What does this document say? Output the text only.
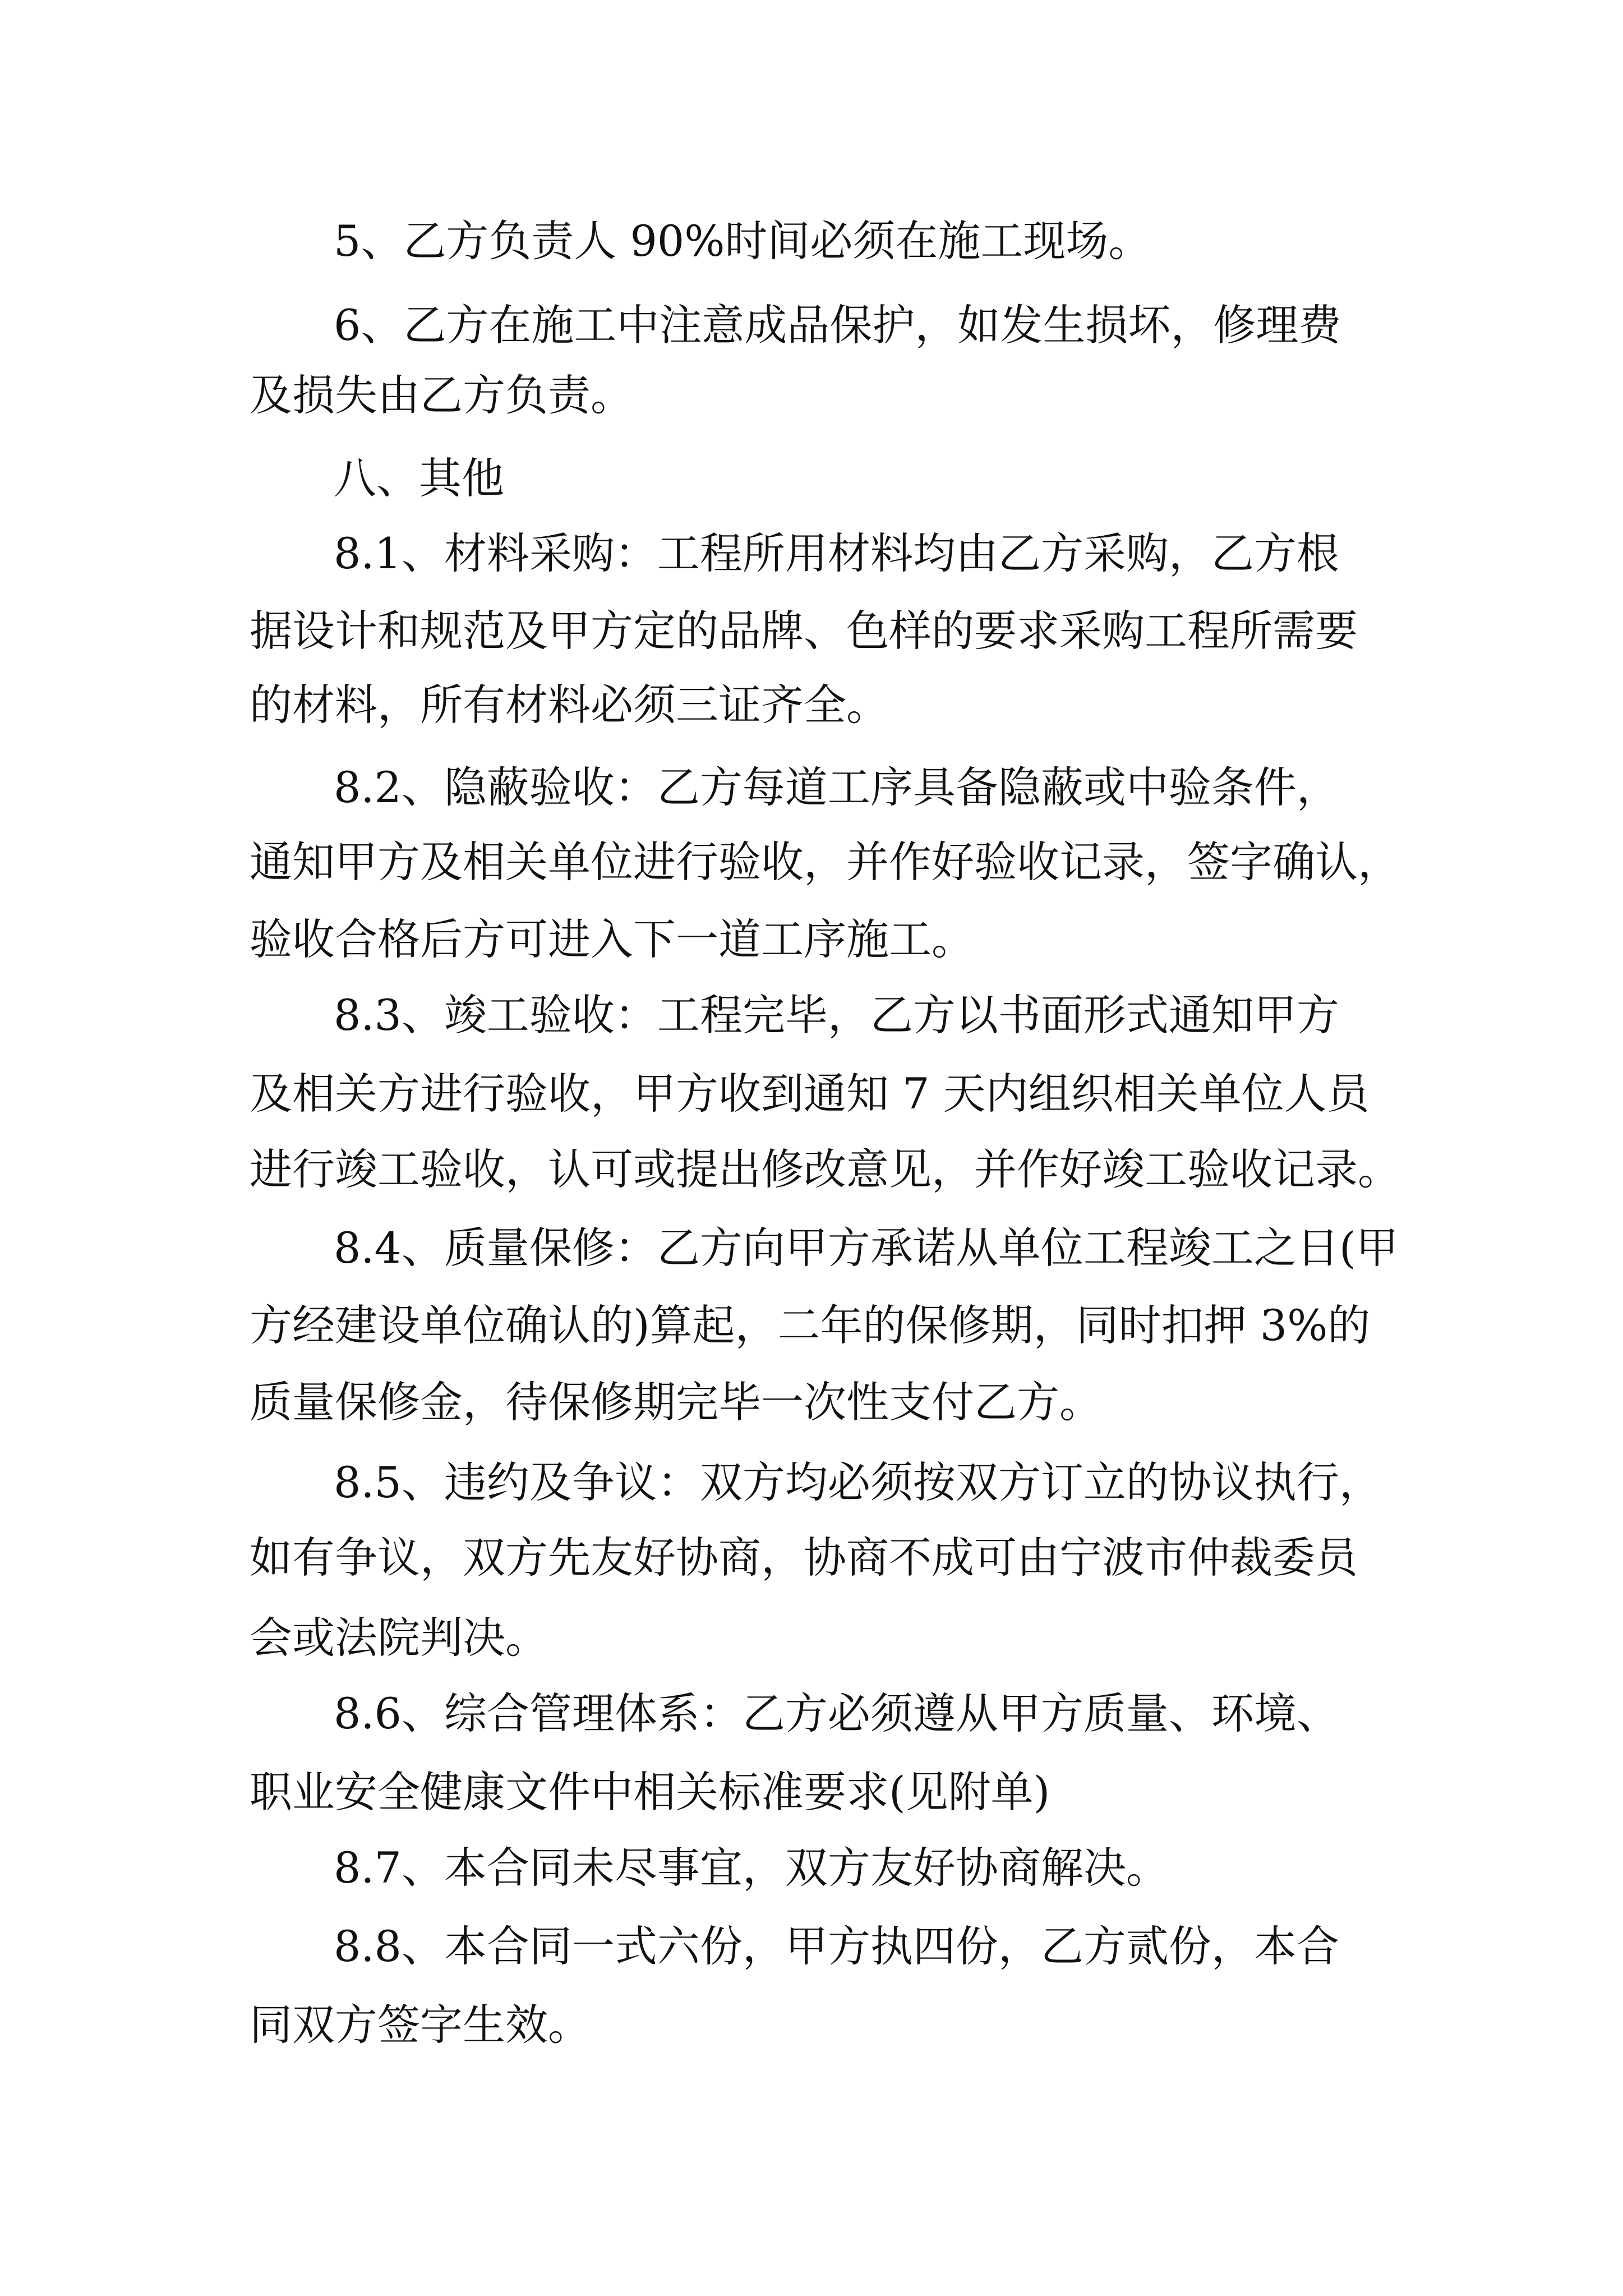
5、乙方负责人 90%时间必须在施工现场。

6、乙方在施工中注意成品保护，如发生损坏，修理费

及损失由乙方负责。

八、其他

8.1、材料采购：工程所用材料均由乙方采购，乙方根

据设计和规范及甲方定的品牌、色样的要求采购工程所需要

的材料，所有材料必须三证齐全。

8.2、隐蔽验收：乙方每道工序具备隐蔽或中验条件，

通知甲方及相关单位进行验收，并作好验收记录，签字确认，

验收合格后方可进入下一道工序施工。

8.3、竣工验收：工程完毕，乙方以书面形式通知甲方

及相关方进行验收，甲方收到通知 7 天内组织相关单位人员

进行竣工验收，认可或提出修改意见，并作好竣工验收记录。

8.4、质量保修：乙方向甲方承诺从单位工程竣工之日(甲

方经建设单位确认的)算起，二年的保修期，同时扣押 3%的

质量保修金，待保修期完毕一次性支付乙方。

8.5、违约及争议：双方均必须按双方订立的协议执行，

如有争议，双方先友好协商，协商不成可由宁波市仲裁委员

会或法院判决。

8.6、综合管理体系：乙方必须遵从甲方质量、环境、

职业安全健康文件中相关标准要求(见附单)

8.7、本合同未尽事宜，双方友好协商解决。

8.8、本合同一式六份，甲方执四份，乙方贰份，本合

同双方签字生效。
